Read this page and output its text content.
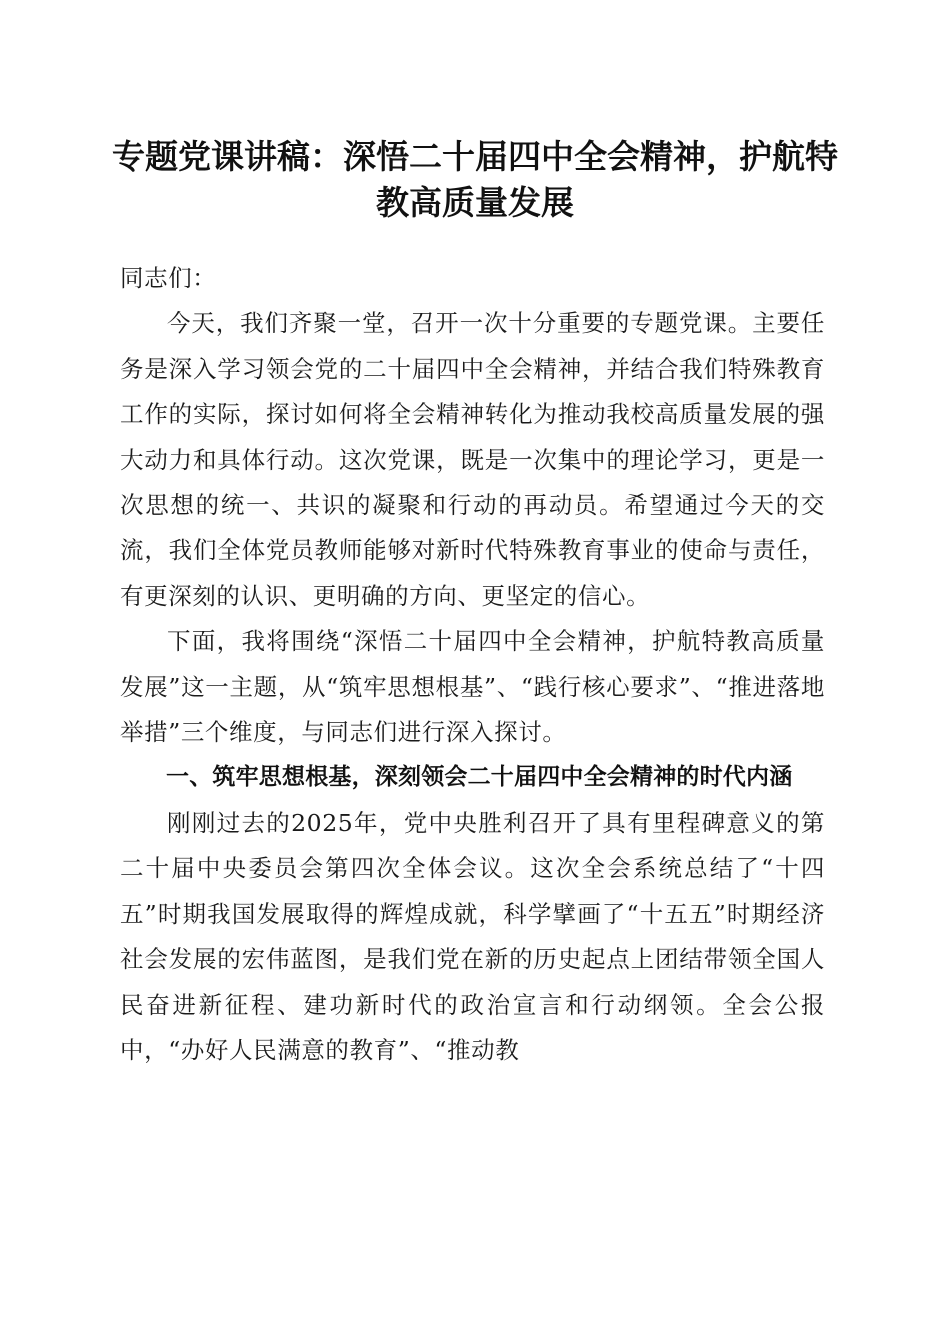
专题党课讲稿：深悟二十届四中全会精神，护航特教高质量发展

同志们：

今天，我们齐聚一堂，召开一次十分重要的专题党课。主要任务是深入学习领会党的二十届四中全会精神，并结合我们特殊教育工作的实际，探讨如何将全会精神转化为推动我校高质量发展的强大动力和具体行动。这次党课，既是一次集中的理论学习，更是一次思想的统一、共识的凝聚和行动的再动员。希望通过今天的交流，我们全体党员教师能够对新时代特殊教育事业的使命与责任，有更深刻的认识、更明确的方向、更坚定的信心。

下面，我将围绕“深悟二十届四中全会精神，护航特教高质量发展”这一主题，从“筑牢思想根基”、“践行核心要求”、“推进落地举措”三个维度，与同志们进行深入探讨。

一、筑牢思想根基，深刻领会二十届四中全会精神的时代内涵

刚刚过去的2025年，党中央胜利召开了具有里程碑意义的第二十届中央委员会第四次全体会议。这次全会系统总结了“十四五”时期我国发展取得的辉煌成就，科学擘画了“十五五”时期经济社会发展的宏伟蓝图，是我们党在新的历史起点上团结带领全国人民奋进新征程、建功新时代的政治宣言和行动纲领。全会公报中，“办好人民满意的教育”、“推动教
